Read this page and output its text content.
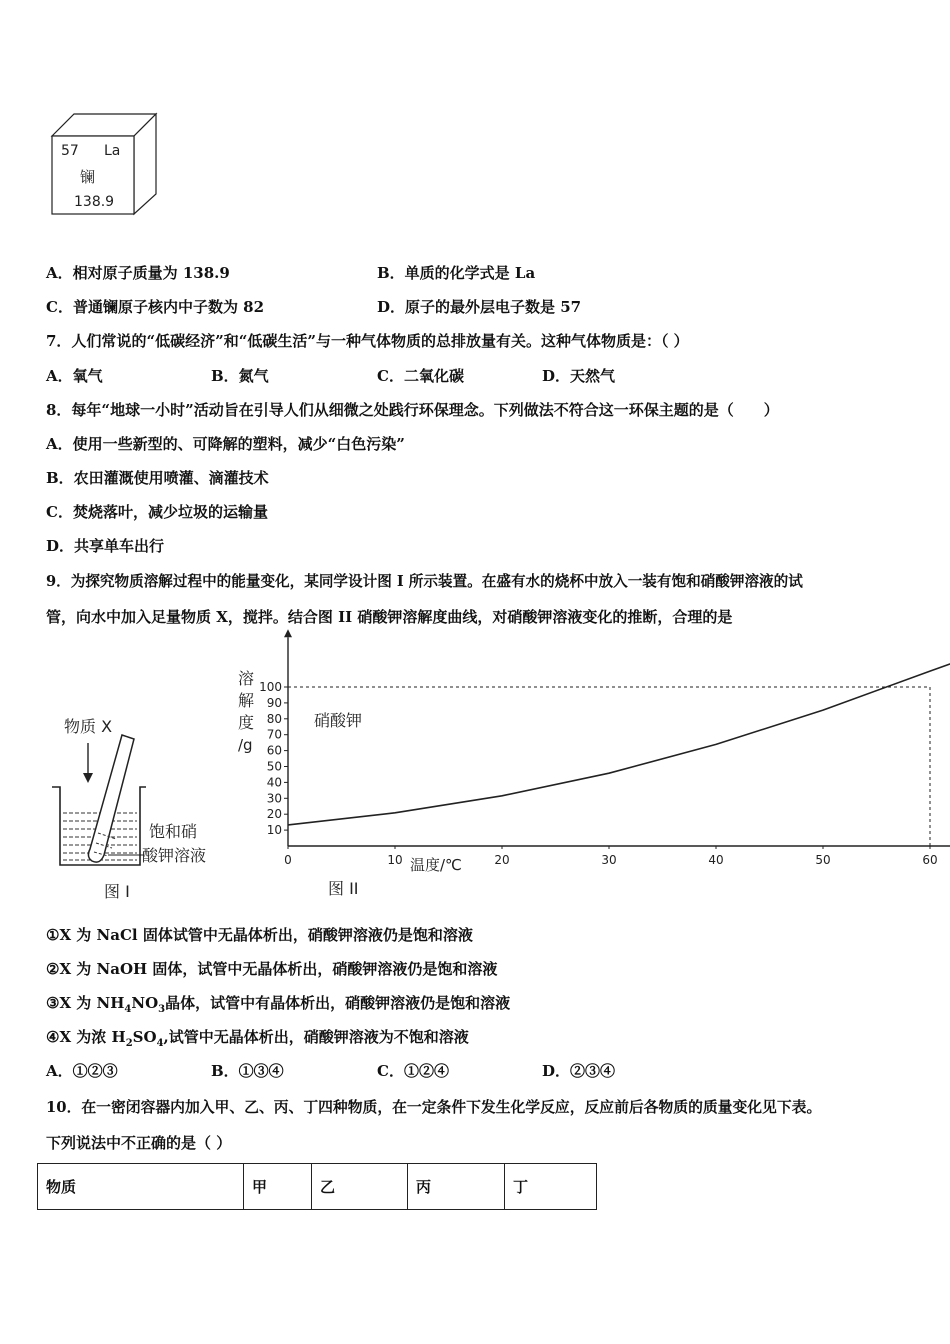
57 La
镧
138.9
A．相对原子质量为 138.9	B．单质的化学式是 La
C．普通镧原子核内中子数为 82	D．原子的最外层电子数是 57
7．人们常说的“低碳经济”和“低碳生活”与一种气体物质的总排放量有关。这种气体物质是：（ ）
A．氧气	B．氮气	C．二氧化碳	D．天然气
8．每年“地球一小时”活动旨在引导人们从细微之处践行环保理念。下列做法不符合这一环保主题的是（　　）
A．使用一些新型的、可降解的塑料，减少“白色污染”
B．农田灌溉使用喷灌、滴灌技术
C．焚烧落叶，减少垃圾的运输量
D．共享单车出行
9．为探究物质溶解过程中的能量变化，某同学设计图 I 所示装置。在盛有水的烧杯中放入一装有饱和硝酸钾溶液的试
管，向水中加入足量物质 X，搅拌。结合图 II 硝酸钾溶解度曲线，对硝酸钾溶液变化的推断，合理的是
物质 X
饱和硝
酸钾溶液
图 I
溶
解
度
/g
10
20
30
40
50
60
70
80
90
100
0	10	20	30	40	50	60
硝酸钾
温度/℃
图 II
①X 为 NaCl 固体试管中无晶体析出，硝酸钾溶液仍是饱和溶液
②X 为 NaOH 固体，试管中无晶体析出，硝酸钾溶液仍是饱和溶液
③X 为 $NH_4NO_3$晶体，试管中有晶体析出，硝酸钾溶液仍是饱和溶液
④X 为浓 $H_2SO_4$,试管中无晶体析出，硝酸钾溶液为不饱和溶液
A．①②③	B．①③④	C．①②④	D．②③④
10．在一密闭容器内加入甲、乙、丙、丁四种物质，在一定条件下发生化学反应，反应前后各物质的质量变化见下表。
下列说法中不正确的是（ ）
物质	甲	乙	丙	丁
